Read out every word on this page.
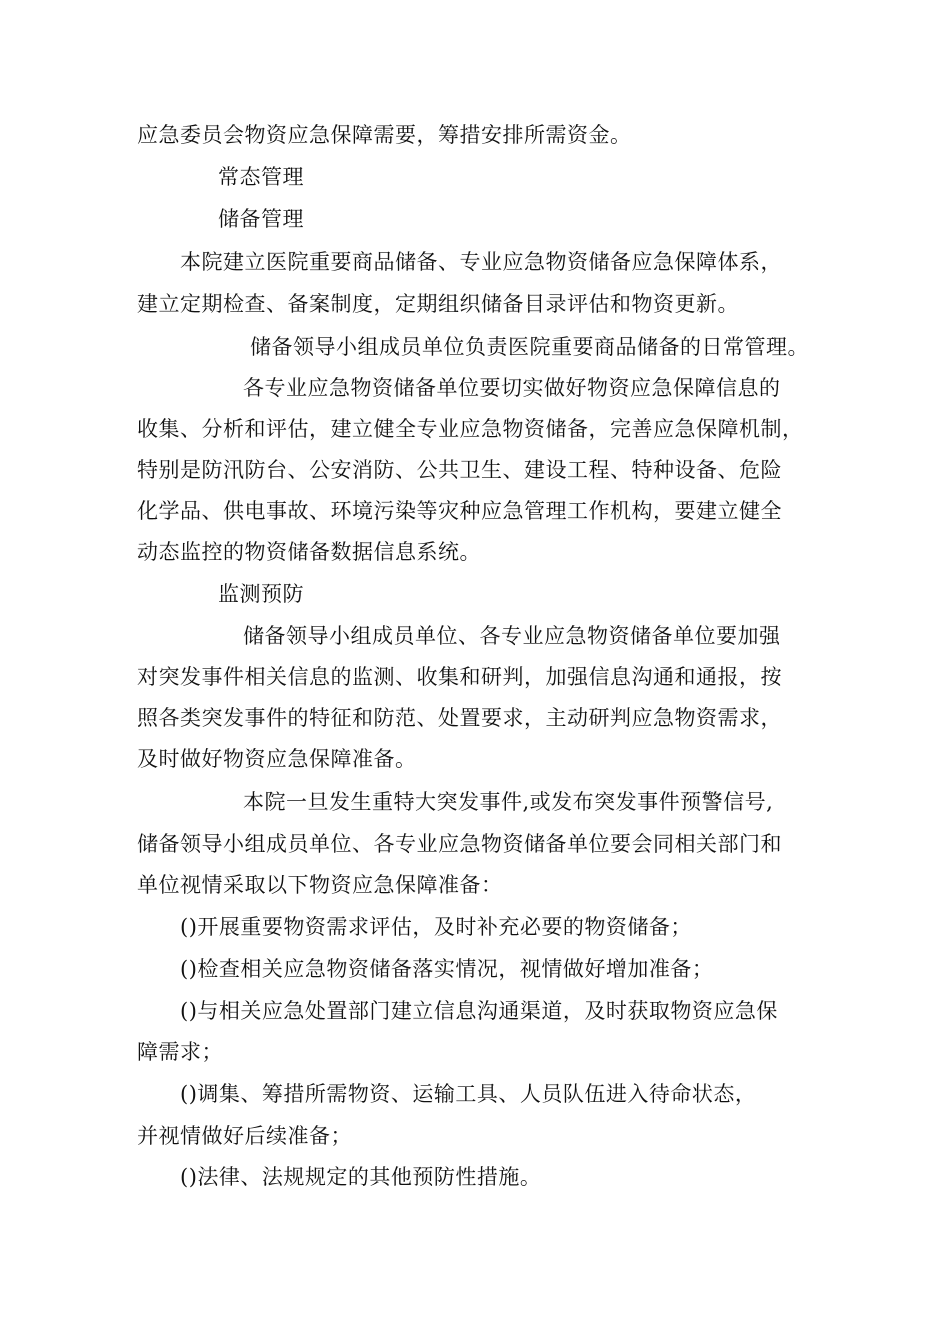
应急委员会物资应急保障需要，筹措安排所需资金。
常态管理
储备管理
本院建立医院重要商品储备、专业应急物资储备应急保障体系，
建立定期检查、备案制度，定期组织储备目录评估和物资更新。
储备领导小组成员单位负责医院重要商品储备的日常管理。
各专业应急物资储备单位要切实做好物资应急保障信息的
收集、分析和评估，建立健全专业应急物资储备，完善应急保障机制，
特别是防汛防台、公安消防、公共卫生、建设工程、特种设备、危险
化学品、供电事故、环境污染等灾种应急管理工作机构，要建立健全
动态监控的物资储备数据信息系统。
监测预防
储备领导小组成员单位、各专业应急物资储备单位要加强
对突发事件相关信息的监测、收集和研判，加强信息沟通和通报，按
照各类突发事件的特征和防范、处置要求，主动研判应急物资需求，
及时做好物资应急保障准备。
本院一旦发生重特大突发事件,或发布突发事件预警信号,
储备领导小组成员单位、各专业应急物资储备单位要会同相关部门和
单位视情采取以下物资应急保障准备：
()开展重要物资需求评估，及时补充必要的物资储备；
()检查相关应急物资储备落实情况，视情做好增加准备；
()与相关应急处置部门建立信息沟通渠道，及时获取物资应急保
障需求；
()调集、筹措所需物资、运输工具、人员队伍进入待命状态，
并视情做好后续准备；
()法律、法规规定的其他预防性措施。
